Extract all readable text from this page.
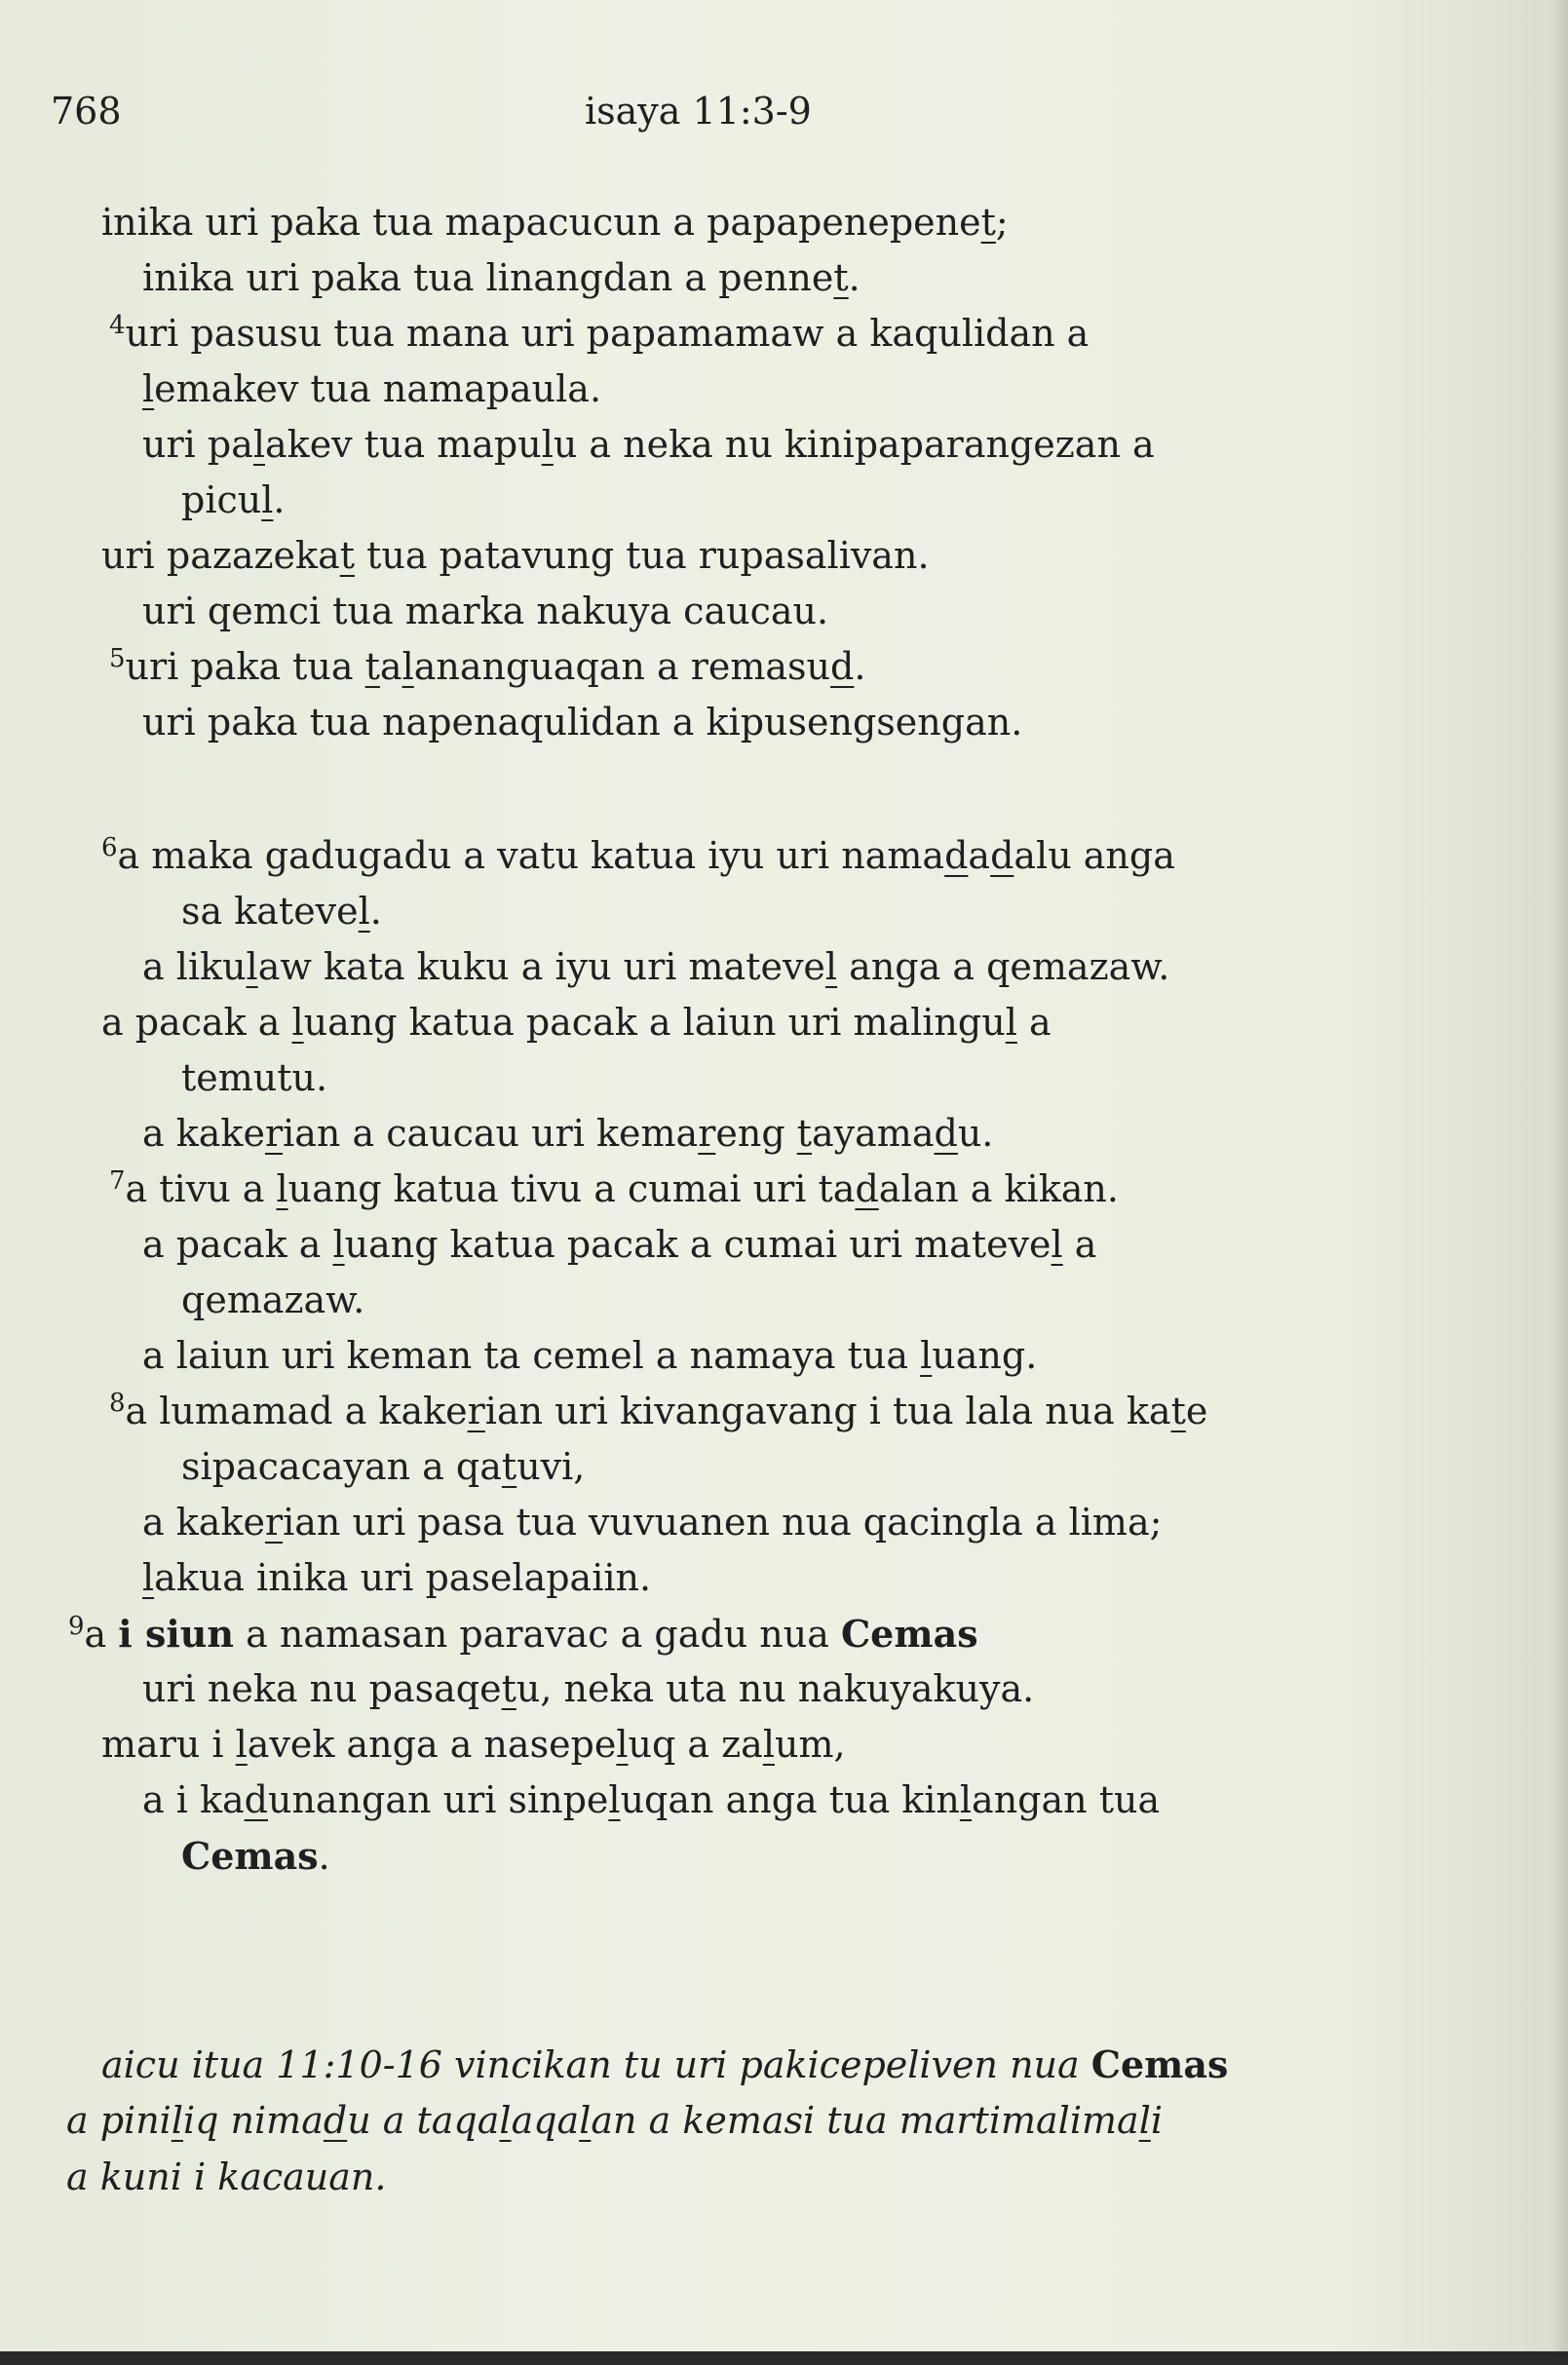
768	isaya 11:3-9
inika uri paka tua mapacucun a papapenepenet;
inika uri paka tua linangdan a pennet.
$^4$uri pasusu tua mana uri papamamaw a kaqulidan a
lemakev tua namapaula.
uri palakev tua mapulu a neka nu kinipaparangezan a
picul.
uri pazazekat tua patavung tua rupasalivan.
uri qemci tua marka nakuya caucau.
$^5$uri paka tua talananguaqan a remasud.
uri paka tua napenaqulidan a kipusengsengan.
$^6$a maka gadugadu a vatu katua iyu uri namadadalu anga
sa katevel.
a likulaw kata kuku a iyu uri matevel anga a qemazaw.
a pacak a luang katua pacak a laiun uri malingul a
temutu.
a kakerian a caucau uri kemareng tayamadu.
$^7$a tivu a luang katua tivu a cumai uri tadalan a kikan.
a pacak a luang katua pacak a cumai uri matevel a
qemazaw.
a laiun uri keman ta cemel a namaya tua luang.
$^8$a lumamad a kakerian uri kivangavang i tua lala nua kate
sipacacayan a qatuvi,
a kakerian uri pasa tua vuvuanen nua qacingla a lima;
lakua inika uri paselapaiin.
$^9$a i siun a namasan paravac a gadu nua Cemas
uri neka nu pasaqetu, neka uta nu nakuyakuya.
maru i lavek anga a nasepeluq a zalum,
a i kadunangan uri sinpeluqan anga tua kinlangan tua
Cemas.
aicu itua 11:10-16 vincikan tu uri pakicepeliven nua Cemas
a piniliq nimadu a taqalaqalan a kemasi tua martimalimali
a kuni i kacauan.
